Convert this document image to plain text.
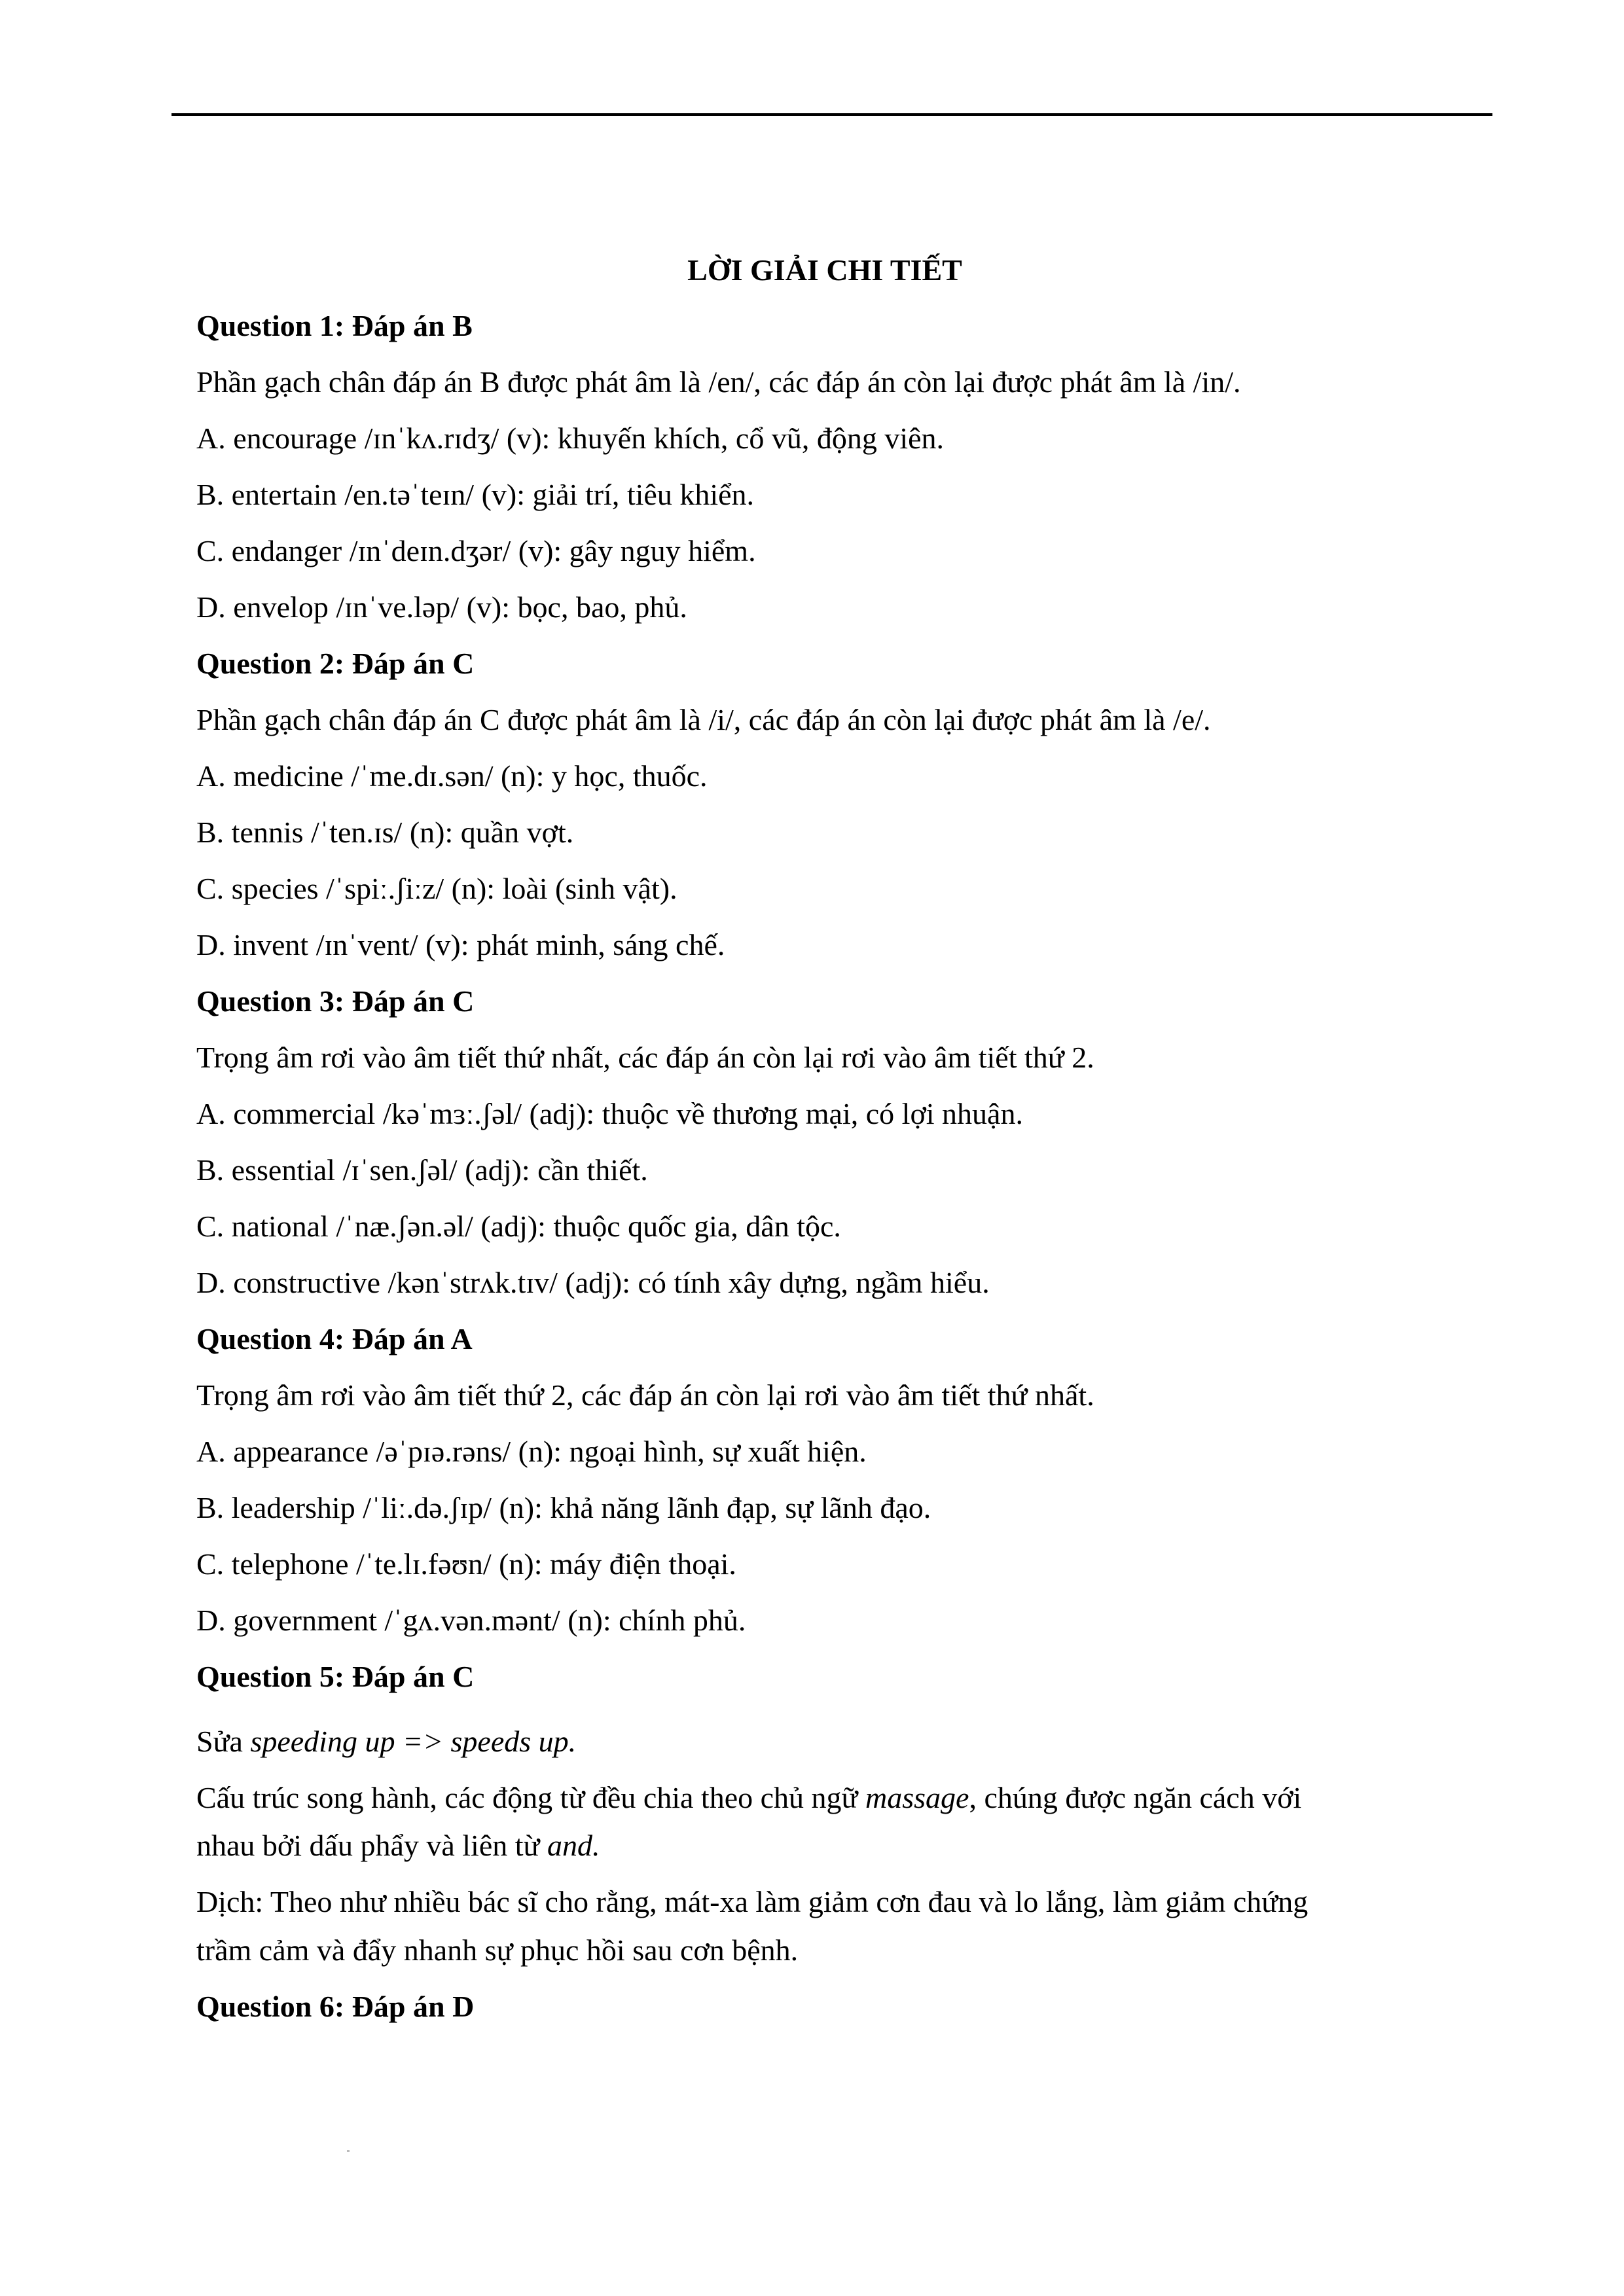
LỜI GIẢI CHI TIẾT
Question 1: Đáp án B
Phần gạch chân đáp án B được phát âm là /en/, các đáp án còn lại được phát âm là /in/.
A. encourage /ɪnˈkʌ.rɪdʒ/ (v): khuyến khích, cổ vũ, động viên.
B. entertain /en.təˈteɪn/ (v): giải trí, tiêu khiển.
C. endanger /ɪnˈdeɪn.dʒər/ (v): gây nguy hiểm.
D. envelop /ɪnˈve.ləp/ (v): bọc, bao, phủ.
Question 2: Đáp án C
Phần gạch chân đáp án C được phát âm là /i/, các đáp án còn lại được phát âm là /e/.
A. medicine /ˈme.dɪ.sən/ (n): y học, thuốc.
B. tennis /ˈten.ɪs/ (n): quần vợt.
C. species /ˈspiː.ʃiːz/ (n): loài (sinh vật).
D. invent /ɪnˈvent/ (v): phát minh, sáng chế.
Question 3: Đáp án C
Trọng âm rơi vào âm tiết thứ nhất, các đáp án còn lại rơi vào âm tiết thứ 2.
A. commercial /kəˈmɜː.ʃəl/ (adj): thuộc về thương mại, có lợi nhuận.
B. essential /ɪˈsen.ʃəl/ (adj): cần thiết.
C. national /ˈnæ.ʃən.əl/ (adj): thuộc quốc gia, dân tộc.
D. constructive /kənˈstrʌk.tɪv/ (adj): có tính xây dựng, ngầm hiểu.
Question 4: Đáp án A
Trọng âm rơi vào âm tiết thứ 2, các đáp án còn lại rơi vào âm tiết thứ nhất.
A. appearance /əˈpɪə.rəns/ (n): ngoại hình, sự xuất hiện.
B. leadership /ˈliː.də.ʃɪp/ (n): khả năng lãnh đạp, sự lãnh đạo.
C. telephone /ˈte.lɪ.fəʊn/ (n): máy điện thoại.
D. government /ˈgʌ.vən.mənt/ (n): chính phủ.
Question 5: Đáp án C
Sửa speeding up => speeds up.
Cấu trúc song hành, các động từ đều chia theo chủ ngữ massage, chúng được ngăn cách với
nhau bởi dấu phẩy và liên từ and.
Dịch: Theo như nhiều bác sĩ cho rằng, mát-xa làm giảm cơn đau và lo lắng, làm giảm chứng
trầm cảm và đẩy nhanh sự phục hồi sau cơn bệnh.
Question 6: Đáp án D
